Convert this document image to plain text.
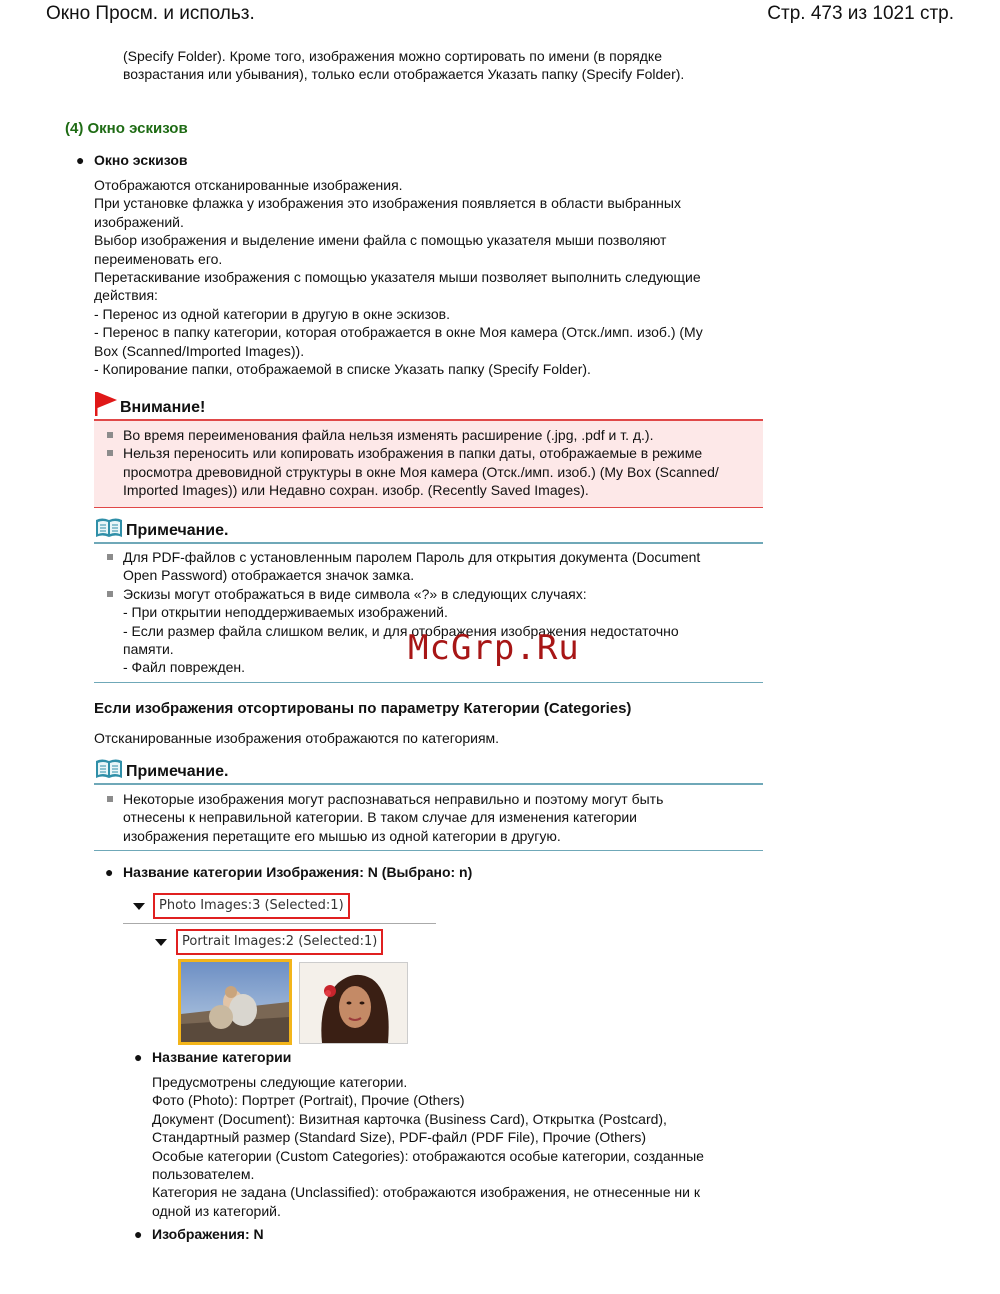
Окно Просм. и использ.	Стр. 473 из 1021 стр.
(Specify Folder). Кроме того, изображения можно сортировать по имени (в порядке
возрастания или убывания), только если отображается Указать папку (Specify Folder).
(4) Окно эскизов
● Окно эскизов
Отображаются отсканированные изображения.
При установке флажка у изображения это изображения появляется в области выбранных
изображений.
Выбор изображения и выделение имени файла с помощью указателя мыши позволяют
переименовать его.
Перетаскивание изображения с помощью указателя мыши позволяет выполнить следующие
действия:
- Перенос из одной категории в другую в окне эскизов.
- Перенос в папку категории, которая отображается в окне Моя камера (Отск./имп. изоб.) (My
Box (Scanned/Imported Images)).
- Копирование папки, отображаемой в списке Указать папку (Specify Folder).
Внимание!
Во время переименования файла нельзя изменять расширение (.jpg, .pdf и т. д.).
Нельзя переносить или копировать изображения в папки даты, отображаемые в режиме
просмотра древовидной структуры в окне Моя камера (Отск./имп. изоб.) (My Box (Scanned/
Imported Images)) или Недавно сохран. изобр. (Recently Saved Images).
Примечание.
Для PDF-файлов с установленным паролем Пароль для открытия документа (Document
Open Password) отображается значок замка.
Эскизы могут отображаться в виде символа «?» в следующих случаях:
- При открытии неподдерживаемых изображений.
- Если размер файла слишком велик, и для отображения изображения недостаточно
памяти.
- Файл поврежден.	McGrp.Ru
Если изображения отсортированы по параметру Категории (Categories)
Отсканированные изображения отображаются по категориям.
Примечание.
Некоторые изображения могут распознаваться неправильно и поэтому могут быть
отнесены к неправильной категории. В таком случае для изменения категории
изображения перетащите его мышью из одной категории в другую.
● Название категории Изображения: N (Выбрано: n)
Photo Images:3 (Selected:1)
Portrait Images:2 (Selected:1)
● Название категории
Предусмотрены следующие категории.
Фото (Photo): Портрет (Portrait), Прочие (Others)
Документ (Document): Визитная карточка (Business Card), Открытка (Postcard),
Стандартный размер (Standard Size), PDF-файл (PDF File), Прочие (Others)
Особые категории (Custom Categories): отображаются особые категории, созданные
пользователем.
Категория не задана (Unclassified): отображаются изображения, не отнесенные ни к
одной из категорий.
● Изображения: N
